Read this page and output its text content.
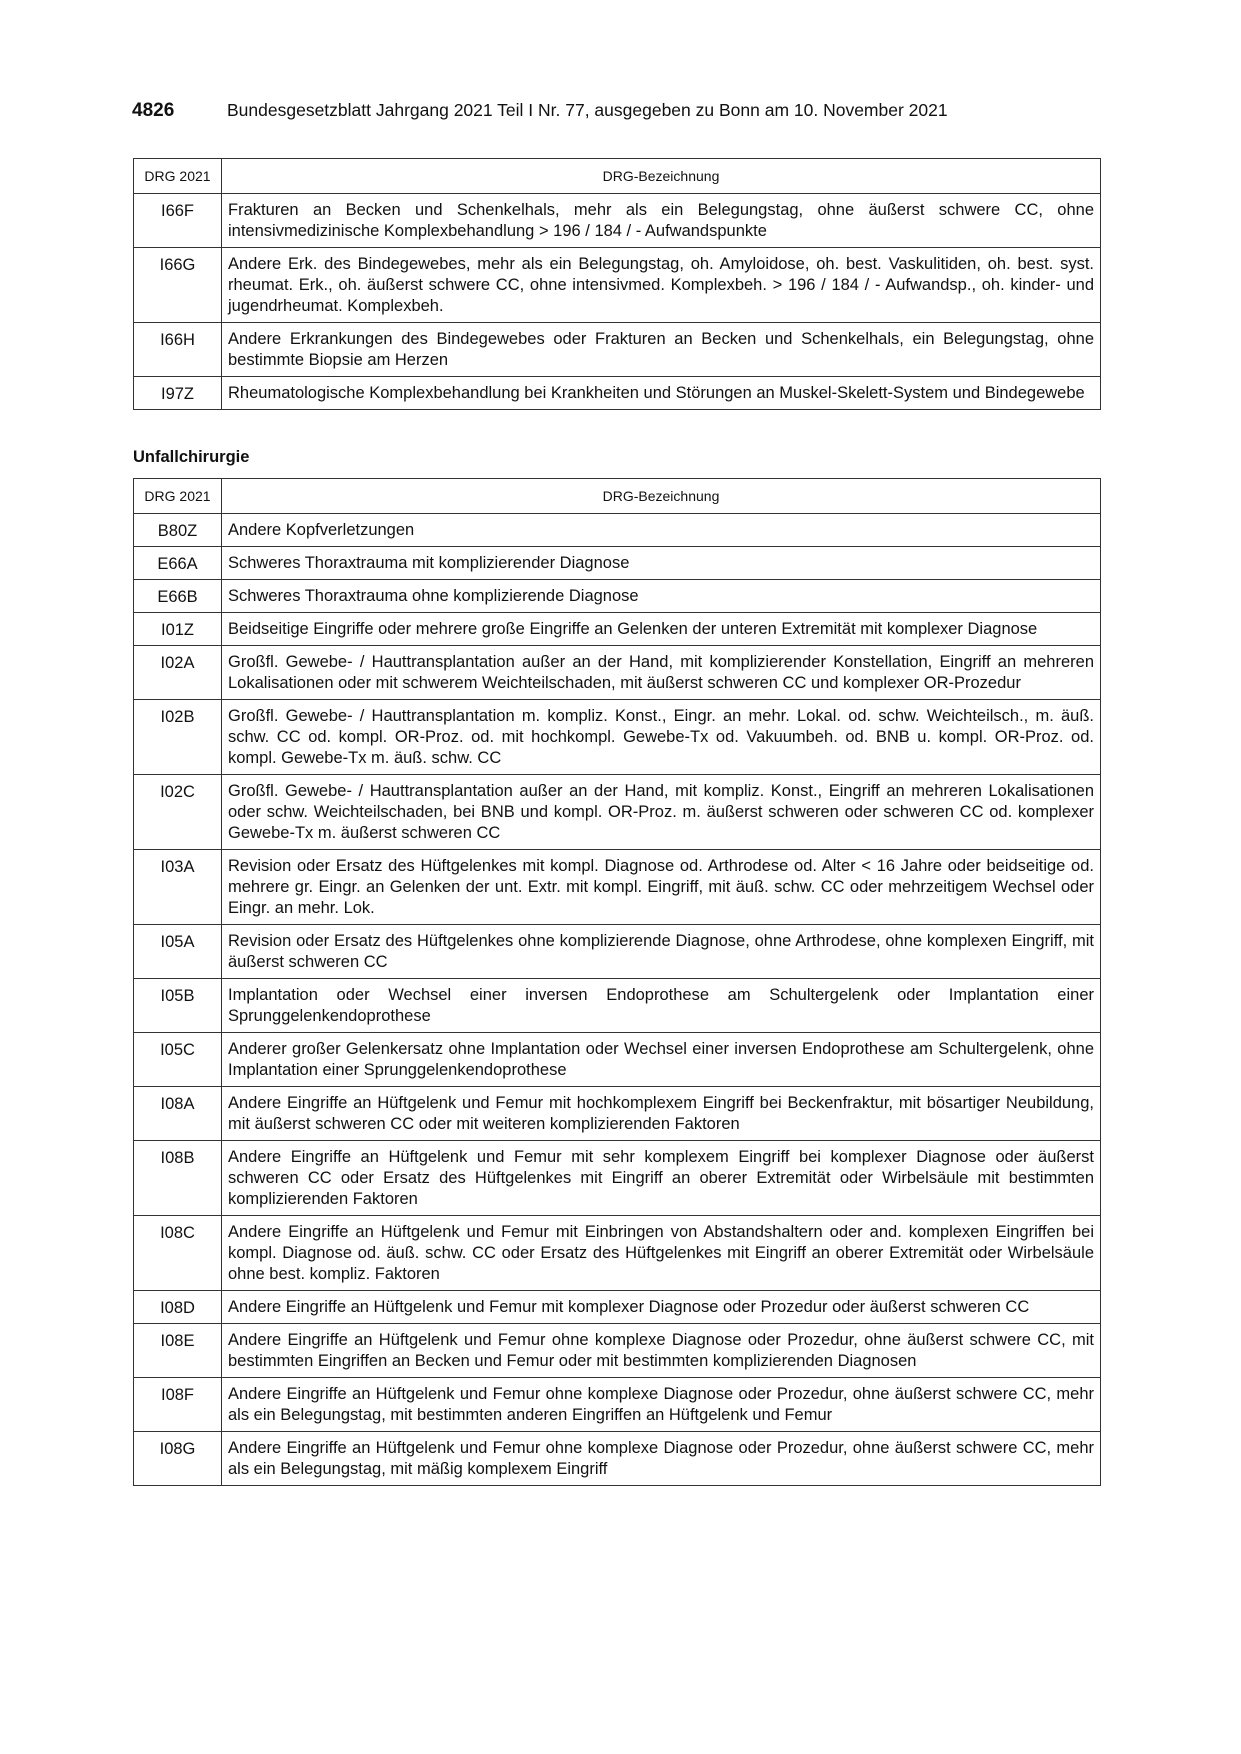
4826	Bundesgesetzblatt Jahrgang 2021 Teil I Nr. 77, ausgegeben zu Bonn am 10. November 2021
DRG 2021	DRG-Bezeichnung
I66F	Frakturen an Becken und Schenkelhals, mehr als ein Belegungstag, ohne äußerst schwere CC, ohne intensivmedizinische Komplexbehandlung > 196 / 184 / - Aufwandspunkte
I66G	Andere Erk. des Bindegewebes, mehr als ein Belegungstag, oh. Amyloidose, oh. best. Vaskulitiden, oh. best. syst. rheumat. Erk., oh. äußerst schwere CC, ohne intensivmed. Komplexbeh. > 196 / 184 / - Aufwandsp., oh. kinder- und jugendrheumat. Komplexbeh.
I66H	Andere Erkrankungen des Bindegewebes oder Frakturen an Becken und Schenkelhals, ein Belegungstag, ohne bestimmte Biopsie am Herzen
I97Z	Rheumatologische Komplexbehandlung bei Krankheiten und Störungen an Muskel-Skelett-System und Bindegewebe
Unfallchirurgie
DRG 2021	DRG-Bezeichnung
B80Z	Andere Kopfverletzungen
E66A	Schweres Thoraxtrauma mit komplizierender Diagnose
E66B	Schweres Thoraxtrauma ohne komplizierende Diagnose
I01Z	Beidseitige Eingriffe oder mehrere große Eingriffe an Gelenken der unteren Extremität mit komplexer Diagnose
I02A	Großfl. Gewebe- / Hauttransplantation außer an der Hand, mit komplizierender Konstellation, Eingriff an mehreren Lokalisationen oder mit schwerem Weichteilschaden, mit äußerst schweren CC und komplexer OR-Prozedur
I02B	Großfl. Gewebe- / Hauttransplantation m. kompliz. Konst., Eingr. an mehr. Lokal. od. schw. Weichteilsch., m. äuß. schw. CC od. kompl. OR-Proz. od. mit hochkompl. Gewebe-Tx od. Vakuumbeh. od. BNB u. kompl. OR-Proz. od. kompl. Gewebe-Tx m. äuß. schw. CC
I02C	Großfl. Gewebe- / Hauttransplantation außer an der Hand, mit kompliz. Konst., Eingriff an mehreren Lokalisationen oder schw. Weichteilschaden, bei BNB und kompl. OR-Proz. m. äußerst schweren oder schweren CC od. komplexer Gewebe-Tx m. äußerst schweren CC
I03A	Revision oder Ersatz des Hüftgelenkes mit kompl. Diagnose od. Arthrodese od. Alter < 16 Jahre oder beidseitige od. mehrere gr. Eingr. an Gelenken der unt. Extr. mit kompl. Eingriff, mit äuß. schw. CC oder mehrzeitigem Wechsel oder Eingr. an mehr. Lok.
I05A	Revision oder Ersatz des Hüftgelenkes ohne komplizierende Diagnose, ohne Arthrodese, ohne komplexen Eingriff, mit äußerst schweren CC
I05B	Implantation oder Wechsel einer inversen Endoprothese am Schultergelenk oder Implantation einer Sprunggelenkendoprothese
I05C	Anderer großer Gelenkersatz ohne Implantation oder Wechsel einer inversen Endoprothese am Schultergelenk, ohne Implantation einer Sprunggelenkendoprothese
I08A	Andere Eingriffe an Hüftgelenk und Femur mit hochkomplexem Eingriff bei Beckenfraktur, mit bösartiger Neubildung, mit äußerst schweren CC oder mit weiteren komplizierenden Faktoren
I08B	Andere Eingriffe an Hüftgelenk und Femur mit sehr komplexem Eingriff bei komplexer Diagnose oder äußerst schweren CC oder Ersatz des Hüftgelenkes mit Eingriff an oberer Extremität oder Wirbelsäule mit bestimmten komplizierenden Faktoren
I08C	Andere Eingriffe an Hüftgelenk und Femur mit Einbringen von Abstandshaltern oder and. komplexen Eingriffen bei kompl. Diagnose od. äuß. schw. CC oder Ersatz des Hüftgelenkes mit Eingriff an oberer Extremität oder Wirbelsäule ohne best. kompliz. Faktoren
I08D	Andere Eingriffe an Hüftgelenk und Femur mit komplexer Diagnose oder Prozedur oder äußerst schweren CC
I08E	Andere Eingriffe an Hüftgelenk und Femur ohne komplexe Diagnose oder Prozedur, ohne äußerst schwere CC, mit bestimmten Eingriffen an Becken und Femur oder mit bestimmten komplizierenden Diagnosen
I08F	Andere Eingriffe an Hüftgelenk und Femur ohne komplexe Diagnose oder Prozedur, ohne äußerst schwere CC, mehr als ein Belegungstag, mit bestimmten anderen Eingriffen an Hüftgelenk und Femur
I08G	Andere Eingriffe an Hüftgelenk und Femur ohne komplexe Diagnose oder Prozedur, ohne äußerst schwere CC, mehr als ein Belegungstag, mit mäßig komplexem Eingriff
